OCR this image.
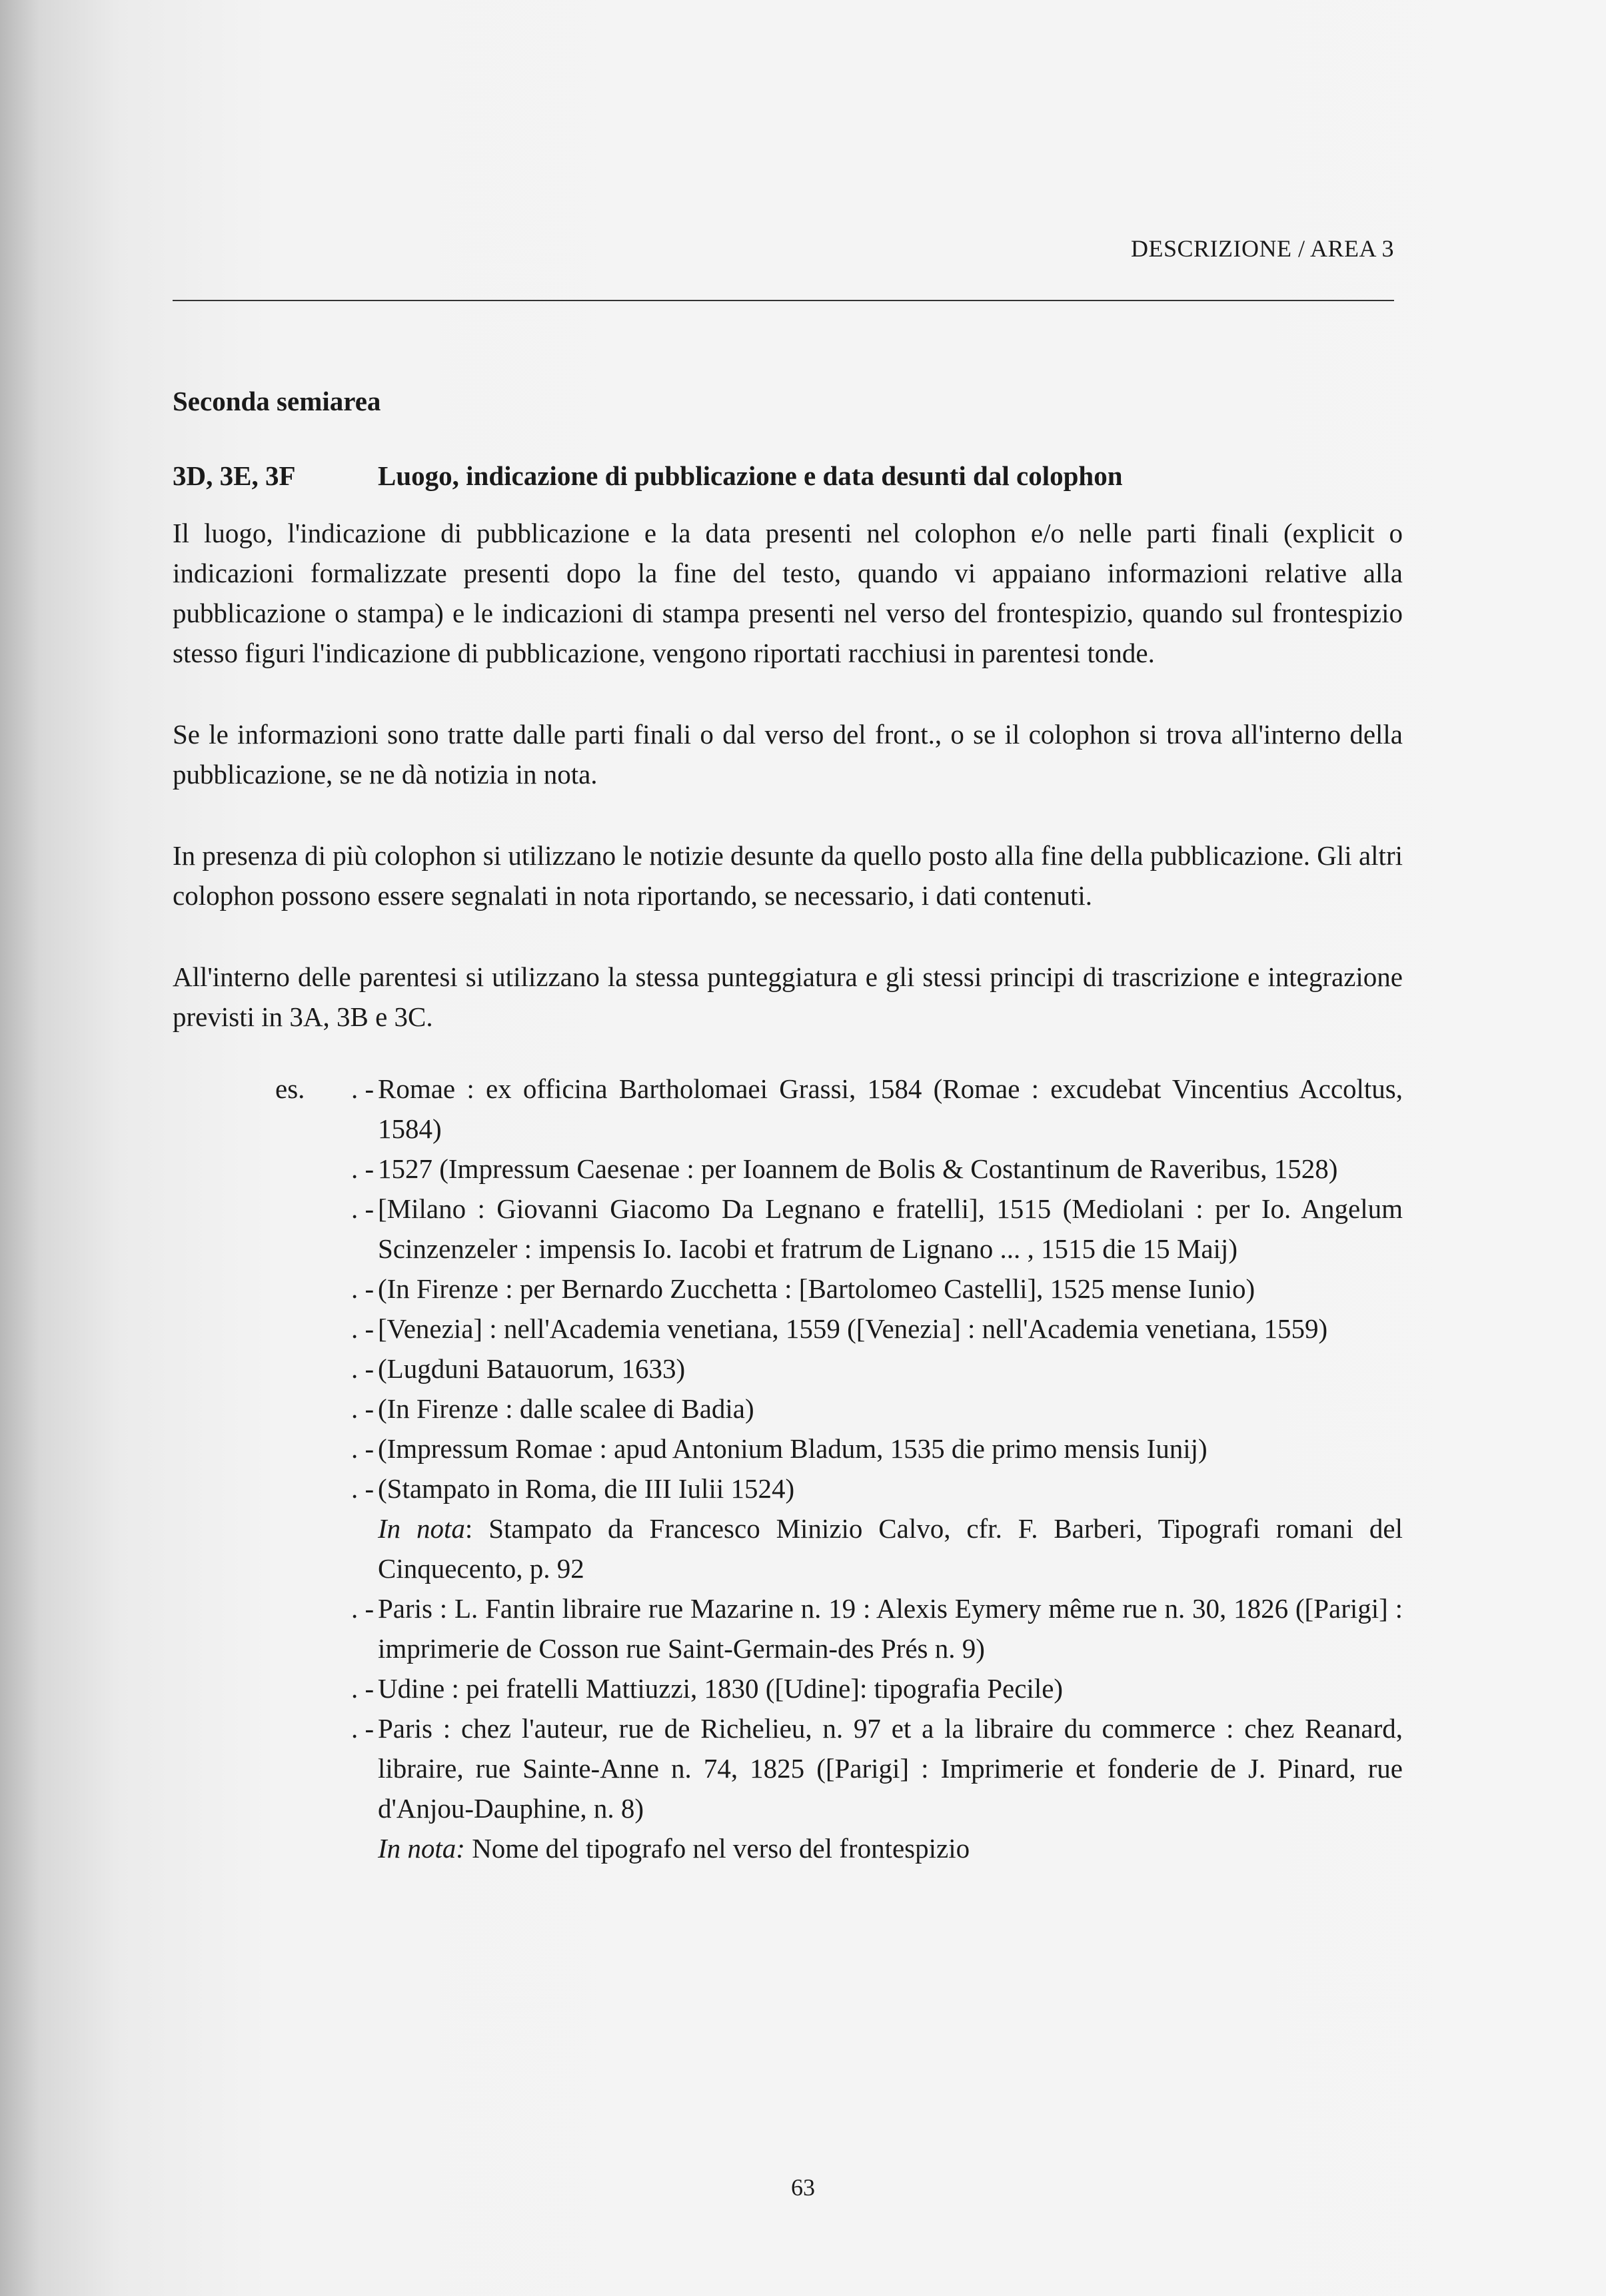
DESCRIZIONE / AREA 3
Seconda semiarea
3D, 3E, 3F	Luogo, indicazione di pubblicazione e data desunti dal colophon

Il luogo, l'indicazione di pubblicazione e la data presenti nel colophon e/o nelle parti finali (explicit o indicazioni formalizzate presenti dopo la fine del testo, quando vi appaiano informazioni relative alla pubblicazione o stampa) e le indicazioni di stampa presenti nel verso del frontespizio, quando sul frontespizio stesso figuri l'indicazione di pubblicazione, vengono riportati racchiusi in parentesi tonde.

Se le informazioni sono tratte dalle parti finali o dal verso del front., o se il colophon si trova all'interno della pubblicazione, se ne dà notizia in nota.

In presenza di più colophon si utilizzano le notizie desunte da quello posto alla fine della pubblicazione. Gli altri colophon possono essere segnalati in nota riportando, se necessario, i dati contenuti.

All'interno delle parentesi si utilizzano la stessa punteggiatura e gli stessi principi di trascrizione e integrazione previsti in 3A, 3B e 3C.

es. . - Romae : ex officina Bartholomaei Grassi, 1584 (Romae : excudebat Vincentius Accoltus, 1584)
. - 1527 (Impressum Caesenae : per Ioannem de Bolis & Costantinum de Raveribus, 1528)
. - [Milano : Giovanni Giacomo Da Legnano e fratelli], 1515 (Mediolani : per Io. Angelum Scinzenzeler : impensis Io. Iacobi et fratrum de Lignano ... , 1515 die 15 Maij)
. - (In Firenze : per Bernardo Zucchetta : [Bartolomeo Castelli], 1525 mense Iunio)
. - [Venezia] : nell'Academia venetiana, 1559 ([Venezia] : nell'Academia venetiana, 1559)
. - (Lugduni Batauorum, 1633)
. - (In Firenze : dalle scalee di Badia)
. - (Impressum Romae : apud Antonium Bladum, 1535 die primo mensis Iunij)
. - (Stampato in Roma, die III Iulii 1524)
In nota: Stampato da Francesco Minizio Calvo, cfr. F. Barberi, Tipografi romani del Cinquecento, p. 92
. - Paris : L. Fantin libraire rue Mazarine n. 19 : Alexis Eymery même rue n. 30, 1826 ([Parigi] : imprimerie de Cosson rue Saint-Germain-des Prés n. 9)
. - Udine : pei fratelli Mattiuzzi, 1830 ([Udine]: tipografia Pecile)
. - Paris : chez l'auteur, rue de Richelieu, n. 97 et a la libraire du commerce : chez Reanard, libraire, rue Sainte-Anne n. 74, 1825 ([Parigi] : Imprimerie et fonderie de J. Pinard, rue d'Anjou-Dauphine, n. 8)
In nota: Nome del tipografo nel verso del frontespizio
63
